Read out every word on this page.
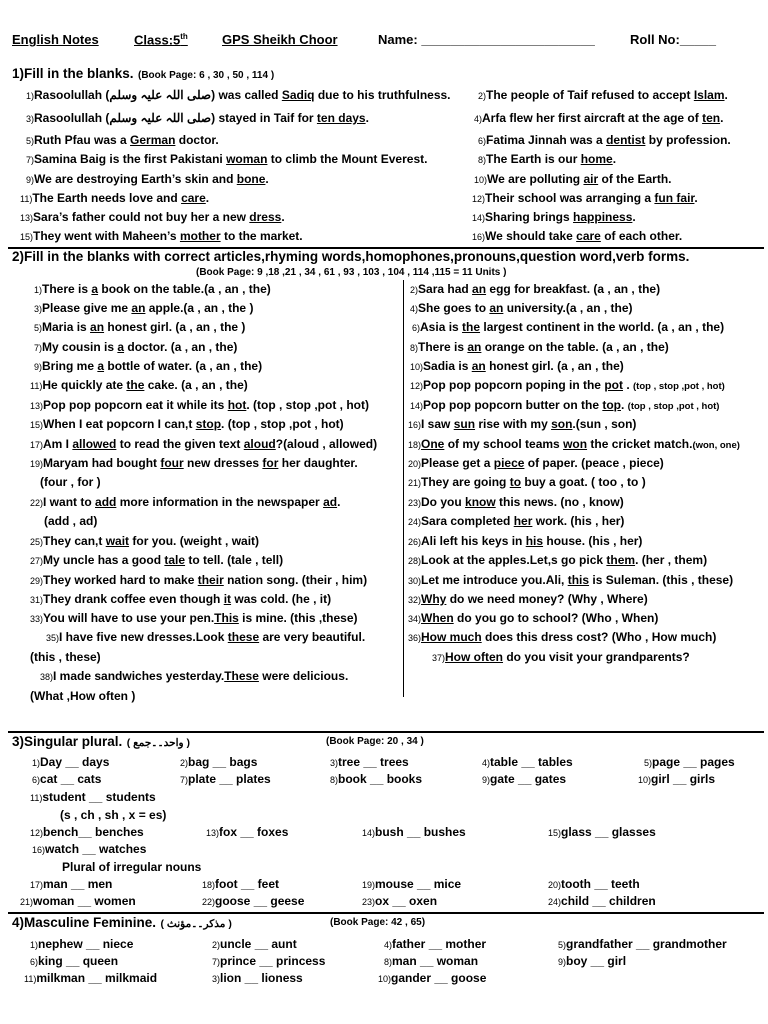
English Notes	Class:5th	GPS Sheikh Choor	Name: ________________________	Roll No:_____
1)Fill in the blanks. (Book Page: 6 , 30 , 50 , 114 )
1)Rasoolullah (صلی اللہ علیہ وسلم) was called Sadiq due to his truthfulness.	2)The people of Taif refused to accept Islam.
3)Rasoolullah (صلی اللہ علیہ وسلم) stayed in Taif for ten days.	4)Arfa flew her first aircraft at the age of ten.
5)Ruth Pfau was a German doctor.	6)Fatima Jinnah was a dentist by profession.
7)Samina Baig is the first Pakistani woman to climb the Mount Everest.	8)The Earth is our home.
9)We are destroying Earth’s skin and bone.	10)We are polluting air of the Earth.
11)The Earth needs love and care.	12)Their school was arranging a fun fair.
13)Sara’s father could not buy her a new dress.	14)Sharing brings happiness.
15)They went with Maheen’s mother to the market.	16)We should take care of each other.
2)Fill in the blanks with correct articles,rhyming words,homophones,pronouns,question word,verb forms.
(Book Page: 9 ,18 ,21 , 34 , 61 , 93 , 103 , 104 , 114 ,115 = 11 Units )
1)There is a book on the table.(a , an , the)	2)Sara had an egg for breakfast. (a , an , the)
3)Please give me an apple.(a , an , the )	4)She goes to an university.(a , an , the)
5)Maria is an honest girl. (a , an , the )	6)Asia is the largest continent in the world. (a , an , the)
7)My cousin is a doctor. (a , an , the)	8)There is an orange on the table. (a , an , the)
9)Bring me a bottle of water. (a , an , the)	10)Sadia is an honest girl. (a , an , the)
11)He quickly ate the cake. (a , an , the)	12)Pop pop popcorn poping in the pot . (top , stop ,pot , hot)
13)Pop pop popcorn eat it while its hot. (top , stop ,pot , hot)	14)Pop pop popcorn butter on the top. (top , stop ,pot , hot)
15)When I eat popcorn I can,t stop. (top , stop ,pot , hot)	16)I saw sun rise with my son.(sun , son)
17)Am I allowed to read the given text aloud?(aloud , allowed)	18)One of my school teams won the cricket match.(won, one)
19)Maryam had bought four new dresses for her daughter.	20)Please get a piece of paper. (peace , piece)
(four , for )	21)They are going to buy a goat. ( too , to )
22)I want to add more information in the newspaper ad.	23)Do you know this news. (no , know)
(add , ad)	24)Sara completed her work. (his , her)
25)They can,t wait for you. (weight , wait)	26)Ali left his keys in his house. (his , her)
27)My uncle has a good tale to tell. (tale , tell)	28)Look at the apples.Let,s go pick them. (her , them)
29)They worked hard to make their nation song. (their , him)	30)Let me introduce you.Ali, this is Suleman. (this , these)
31)They drank coffee even though it was cold. (he , it)	32)Why do we need money? (Why , Where)
33)You will have to use your pen.This is mine. (this ,these)	34)When do you go to school? (Who , When)
35)I have five new dresses.Look these are very beautiful.	36)How much does this dress cost? (Who , How much)
(this , these)	37)How often do you visit your grandparents?
38)I made sandwiches yesterday.These were delicious.
(What ,How often )
3)Singular plural. ( واحد۔۔جمع )	(Book Page: 20 , 34 )
1)Day __ days	2)bag __ bags	3)tree __ trees	4)table __ tables	5)page __ pages
6)cat __ cats	7)plate __ plates	8)book __ books	9)gate __ gates	10)girl __ girls
11)student __ students
(s , ch , sh , x = es)
12)bench__ benches	13)fox __ foxes	14)bush __ bushes	15)glass __ glasses
16)watch __ watches
Plural of irregular nouns
17)man __ men	18)foot __ feet	19)mouse __ mice	20)tooth __ teeth
21)woman __ women	22)goose __ geese	23)ox __ oxen	24)child __ children
4)Masculine Feminine. ( مذکر۔۔مؤنث )	(Book Page: 42 , 65)
1)nephew __ niece	2)uncle __ aunt	4)father __ mother	5)grandfather __ grandmother
6)king __ queen	7)prince __ princess	8)man __ woman	9)boy __ girl
11)milkman __ milkmaid	3)lion __ lioness	10)gander __ goose
